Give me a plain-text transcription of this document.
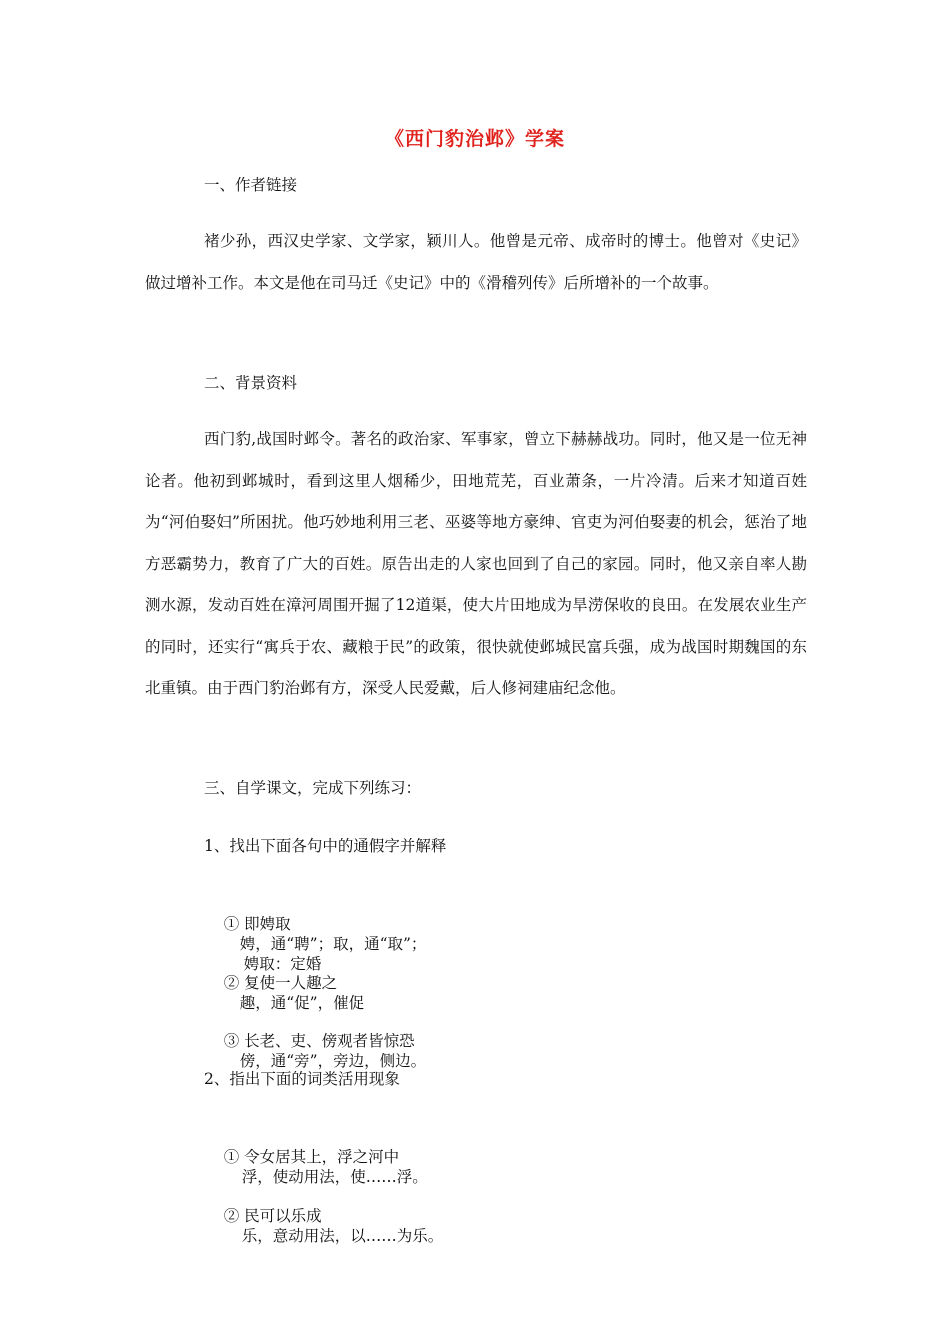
《西门豹治邺》学案
一、作者链接

褚少孙，西汉史学家、文学家，颖川人。他曾是元帝、成帝时的博士。他曾对《史记》做过增补工作。本文是他在司马迁《史记》中的《滑稽列传》后所增补的一个故事。

二、背景资料

西门豹,战国时邺令。著名的政治家、军事家，曾立下赫赫战功。同时，他又是一位无神论者。他初到邺城时，看到这里人烟稀少，田地荒芜，百业萧条，一片冷清。后来才知道百姓为“河伯娶妇”所困扰。他巧妙地利用三老、巫婆等地方豪绅、官吏为河伯娶妻的机会，惩治了地方恶霸势力，教育了广大的百姓。原告出走的人家也回到了自己的家园。同时，他又亲自率人勘测水源，发动百姓在漳河周围开掘了12道渠，使大片田地成为旱涝保收的良田。在发展农业生产的同时，还实行“寓兵于农、藏粮于民”的政策，很快就使邺城民富兵强，成为战国时期魏国的东北重镇。由于西门豹治邺有方，深受人民爱戴，后人修祠建庙纪念他。

三、自学课文，完成下列练习：
1、找出下面各句中的通假字并解释

① 即娉取
娉，通“聘”；取，通“取”；
娉取：定婚

② 复使一人趣之
趣，通“促”，催促

③ 长老、吏、傍观者皆惊恐
傍，通“旁”，旁边，侧边。

2、指出下面的词类活用现象

① 令女居其上，浮之河中
浮，使动用法，使……浮。

② 民可以乐成
乐，意动用法，以……为乐。
